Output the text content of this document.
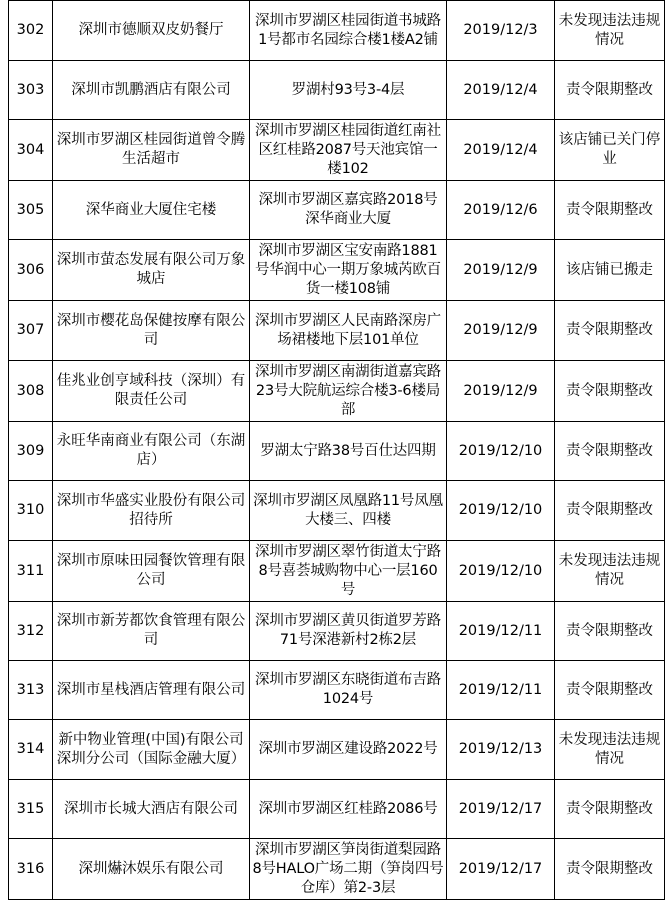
302	深圳市德顺双皮奶餐厅	深圳市罗湖区桂园街道书城路1号都市名园综合楼1楼A2铺	2019/12/3	未发现违法违规情况
303	深圳市凯鹏酒店有限公司	罗湖村93号3-4层	2019/12/4	责令限期整改
304	深圳市罗湖区桂园街道曾令腾生活超市	深圳市罗湖区桂园街道红南社区红桂路2087号天池宾馆一楼102	2019/12/4	该店铺已关门停业
305	深华商业大厦住宅楼	深圳市罗湖区嘉宾路2018号深华商业大厦	2019/12/6	责令限期整改
306	深圳市萤态发展有限公司万象城店	深圳市罗湖区宝安南路1881号华润中心一期万象城芮欧百货一楼108铺	2019/12/9	该店铺已搬走
307	深圳市樱花岛保健按摩有限公司	深圳市罗湖区人民南路深房广场裙楼地下层101单位	2019/12/9	责令限期整改
308	佳兆业创亨域科技（深圳）有限责任公司	深圳市罗湖区南湖街道嘉宾路23号大院航运综合楼3-6楼局部	2019/12/9	责令限期整改
309	永旺华南商业有限公司（东湖店）	罗湖太宁路38号百仕达四期	2019/12/10	责令限期整改
310	深圳市华盛实业股份有限公司招待所	深圳市罗湖区凤凰路11号凤凰大楼三、四楼	2019/12/10	责令限期整改
311	深圳市原味田园餐饮管理有限公司	深圳市罗湖区翠竹街道太宁路8号喜荟城购物中心一层160号	2019/12/10	未发现违法违规情况
312	深圳市新芳都饮食管理有限公司	深圳市罗湖区黄贝街道罗芳路71号深港新村2栋2层	2019/12/11	责令限期整改
313	深圳市星栈酒店管理有限公司	深圳市罗湖区东晓街道布吉路1024号	2019/12/11	责令限期整改
314	新中物业管理(中国)有限公司深圳分公司（国际金融大厦）	深圳市罗湖区建设路2022号	2019/12/13	未发现违法违规情况
315	深圳市长城大酒店有限公司	深圳市罗湖区红桂路2086号	2019/12/17	责令限期整改
316	深圳爀沐娱乐有限公司	深圳市罗湖区笋岗街道梨园路8号HALO广场二期（笋岗四号仓库）第2-3层	2019/12/17	责令限期整改
